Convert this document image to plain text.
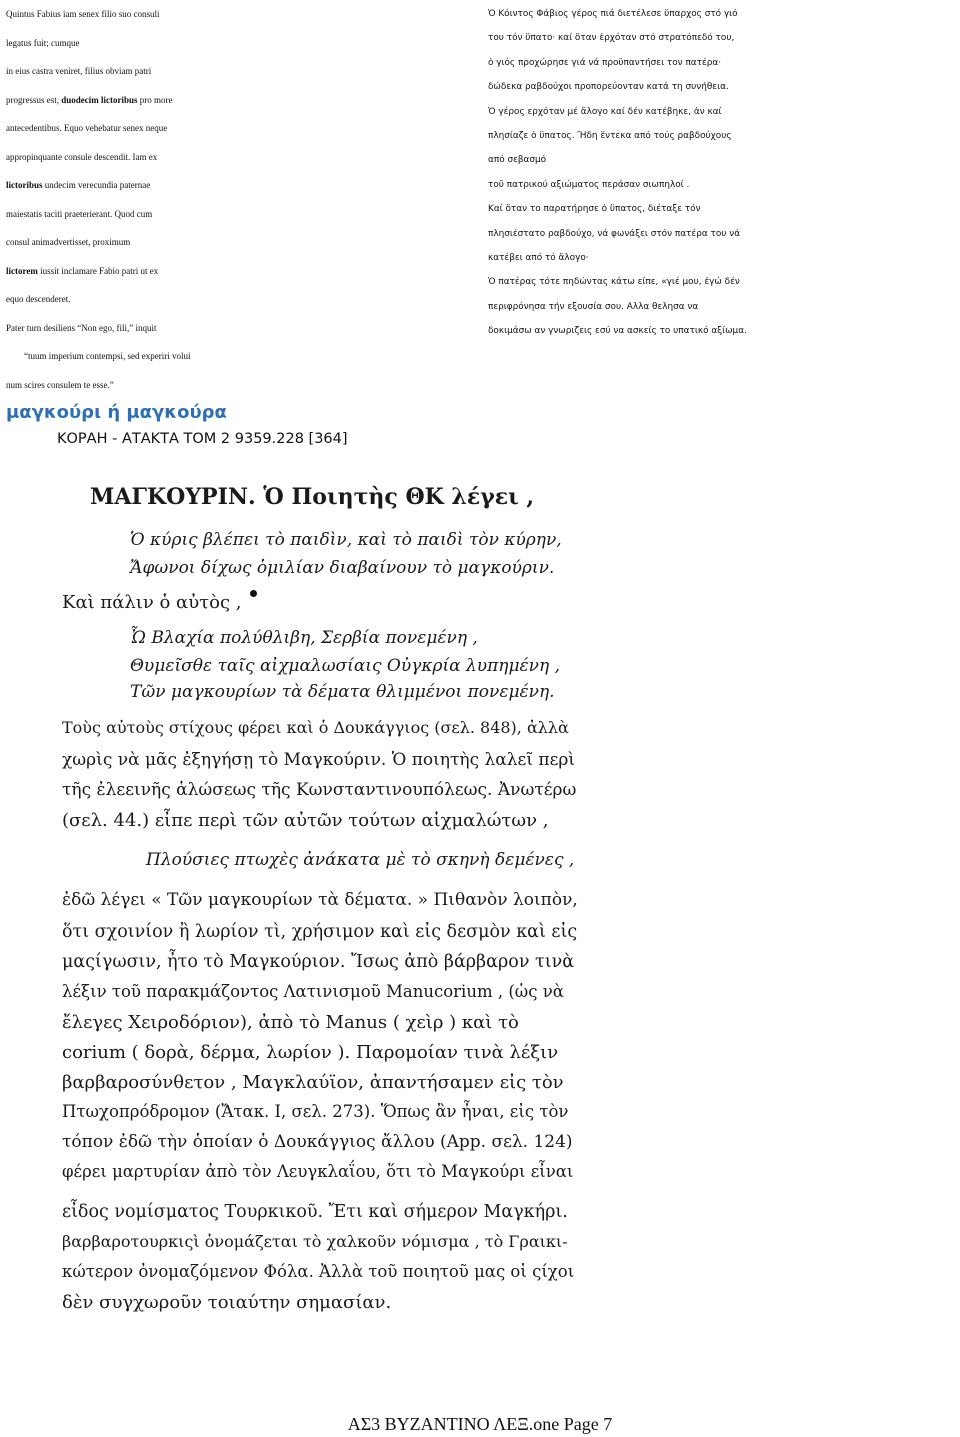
Quintus Fabius iam senex filio suo consuli
legatus fuit; cumque
in eius castra veniret, filius obviam patri
progressus est, duodecim lictoribus pro more
antecedentibus. Equo vehebatur senex neque
appropinquante consule descendit. Iam ex
lictoribus undecim verecundia paternae
maiestatis taciti praeterierant. Quod cum
consul animadvertisset, proximum
lictorem iussit inclamare Fabio patri ut ex
equo descenderet.
Pater turn desiliens “Non ego, fili,” inquit
“tuum imperium contempsi, sed experiri volui
num scires consulem te esse.”
Ὁ Κόιντος Φάβιος γέρος πιά διετέλεσε ὕπαρχος στό γιό
του τόν ὕπατο· καί ὅταν ἐρχόταν στό στρατόπεδό του,
ὁ γιός προχώρησε γιά νά προϋπαντήσει τον πατέρα·
δώδεκα ραβδούχοι προπορεύονταν κατά τη συνήθεια.
Ὁ γέρος ερχόταν μέ ἄλογο καί δέν κατέβηκε, ἀν καί
πλησίαζε ὁ ὕπατος. Ἤδη ἕντεκα από τούς ραβδούχους
από σεβασμό
τοῦ πατρικού αξιώματος περάσαν σιωπηλοί .
Καί ὅταν το παρατήρησε ὁ ὕπατος, διέταξε τόν
πλησιέστατο ραβδούχο, νά φωνάξει στόν πατέρα του νά
κατέβει από τό ἄλογο·
Ὁ πατέρας τότε πηδώντας κάτω είπε, «γιέ μου, ἐγώ δέν
περιφρόνησα τήν εξουσία σου. Αλλα θελησα να
δοκιμάσω αν γνωριζεις εσύ να ασκείς το υπατικό αξίωμα.
μαγκούρι ή μαγκούρα
ΚΟΡΑΗ - ΑΤΑΚΤΑ ΤΟΜ 2 9359.228 [364]
ΜΑΓΚΟΥΡΙΝ. Ὁ Ποιητὴς ΘΚ λέγει ,
Ὁ κύρις βλέπει τὸ παιδὶν, καὶ τὸ παιδὶ τὸν κύρην,
Ἄφωνοι δίχως ὁμιλίαν διαβαίνουν τὸ μαγκούριν.
Καὶ πάλιν ὁ αὐτὸς ,
Ὦ Βλαχία πολύθλιβη, Σερβία πονεμένη ,
Θυμεῖσθε ταῖς αἰχμαλωσίαις Οὐγκρία λυπημένη ,
Τῶν μαγκουρίων τὰ δέματα θλιμμένοι πονεμένη.
Τοὺς αὐτοὺς στίχους φέρει καὶ ὁ Δουκάγγιος (σελ. 848), ἀλλὰ
χωρὶς νὰ μᾶς ἐξηγήσῃ τὸ Μαγκούριν. Ὁ ποιητὴς λαλεῖ περὶ
τῆς ἐλεεινῆς ἁλώσεως τῆς Κωνσταντινουπόλεως. Ἀνωτέρω
(σελ. 44.) εἶπε περὶ τῶν αὐτῶν τούτων αἰχμαλώτων ,
Πλούσιες πτωχὲς ἀνάκατα μὲ τὸ σκηνὴ δεμένες ,
ἐδῶ λέγει « Τῶν μαγκουρίων τὰ δέματα. » Πιθανὸν λοιπὸν,
ὅτι σχοινίον ἢ λωρίον τὶ, χρήσιμον καὶ εἰς δεσμὸν καὶ εἰς
μαςίγωσιν, ἦτο τὸ Μαγκούριον. Ἴσως ἀπὸ βάρβαρον τινὰ
λέξιν τοῦ παρακμάζοντος Λατινισμοῦ Manucorium , (ὡς νὰ
ἔλεγες Χειροδόριον), ἀπὸ τὸ Manus ( χεὶρ ) καὶ τὸ
corium ( δορὰ, δέρμα, λωρίον ). Παρομοίαν τινὰ λέξιν
βαρβαροσύνθετον , Μαγκλαύϊον, ἀπαντήσαμεν εἰς τὸν
Πτωχοπρόδρομον (Ἄτακ. Ι, σελ. 273). Ὅπως ἂν ἦναι, εἰς τὸν
τόπον ἐδῶ τὴν ὁποίαν ὁ Δουκάγγιος ἄλλου (App. σελ. 124)
φέρει μαρτυρίαν ἀπὸ τὸν Λευγκλαΐου, ὅτι τὸ Μαγκούρι εἶναι
εἶδος νομίσματος Τουρκικοῦ. Ἔτι καὶ σήμερον Μαγκήρι.
βαρβαροτουρκιςὶ ὀνομάζεται τὸ χαλκοῦν νόμισμα , τὸ Γραικι-
κώτερον ὀνομαζόμενον Φόλα. Ἀλλὰ τοῦ ποιητοῦ μας οἱ ςίχοι
δὲν συγχωροῦν τοιαύτην σημασίαν.
ΑΣ3 ΒΥΖΑΝΤΙΝΟ ΛΕΞ.one Page 7
